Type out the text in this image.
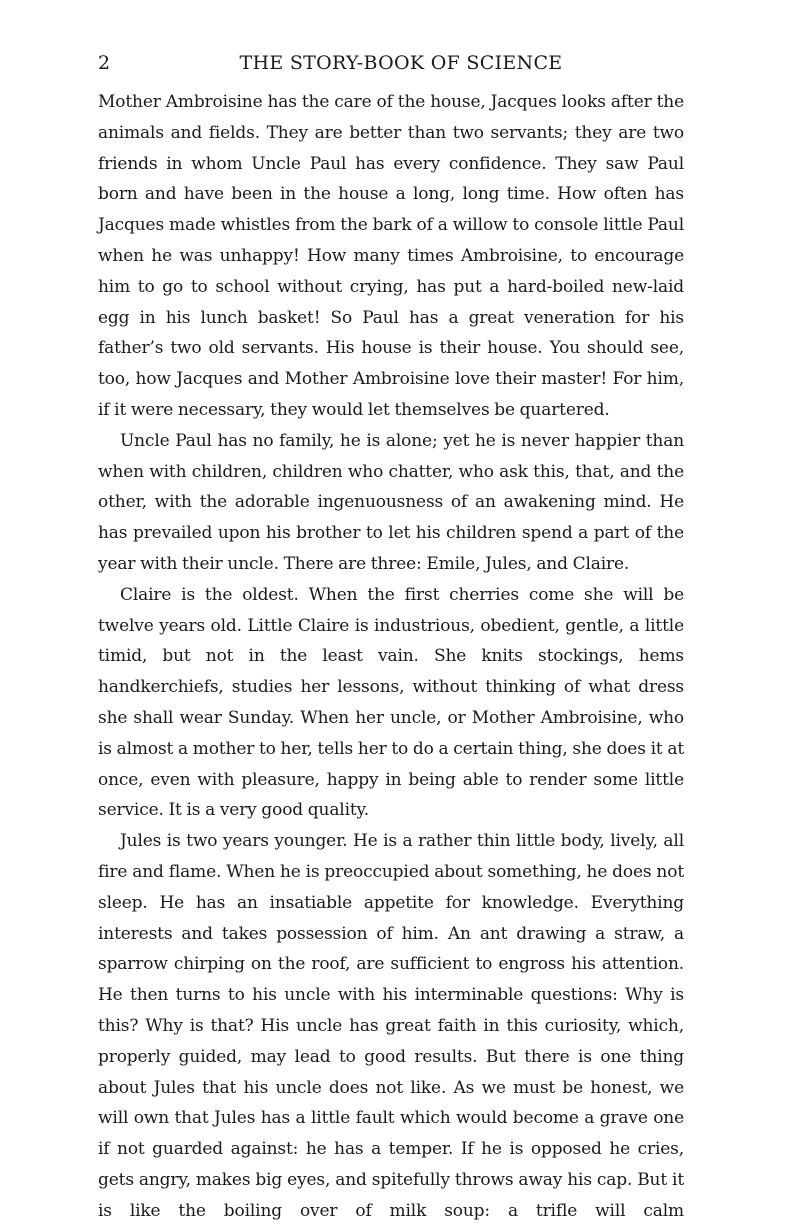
2	THE STORY-BOOK OF SCIENCE

Mother Ambroisine has the care of the house, Jacques looks after the animals and fields. They are better than two servants; they are two friends in whom Uncle Paul has every confidence. They saw Paul born and have been in the house a long, long time. How often has Jacques made whistles from the bark of a willow to console little Paul when he was unhappy! How many times Ambroisine, to encourage him to go to school without crying, has put a hard-boiled new-laid egg in his lunch basket! So Paul has a great veneration for his father’s two old servants. His house is their house. You should see, too, how Jacques and Mother Ambroisine love their master! For him, if it were necessary, they would let themselves be quartered.

Uncle Paul has no family, he is alone; yet he is never happier than when with children, children who chatter, who ask this, that, and the other, with the adorable ingenuousness of an awakening mind. He has prevailed upon his brother to let his children spend a part of the year with their uncle. There are three: Emile, Jules, and Claire.

Claire is the oldest. When the first cherries come she will be twelve years old. Little Claire is industrious, obedient, gentle, a little timid, but not in the least vain. She knits stockings, hems handkerchiefs, studies her lessons, without thinking of what dress she shall wear Sunday. When her uncle, or Mother Ambroisine, who is almost a mother to her, tells her to do a certain thing, she does it at once, even with pleasure, happy in being able to render some little service. It is a very good quality.

Jules is two years younger. He is a rather thin little body, lively, all fire and flame. When he is preoccupied about something, he does not sleep. He has an insatiable appetite for knowledge. Everything interests and takes possession of him. An ant drawing a straw, a sparrow chirping on the roof, are sufficient to engross his attention. He then turns to his uncle with his interminable questions: Why is this? Why is that? His uncle has great faith in this curiosity, which, properly guided, may lead to good results. But there is one thing about Jules that his uncle does not like. As we must be honest, we will own that Jules has a little fault which would become a grave one if not guarded against: he has a temper. If he is opposed he cries, gets angry, makes big eyes, and spitefully throws away his cap. But it is like the boiling over of milk soup: a trifle will calm
